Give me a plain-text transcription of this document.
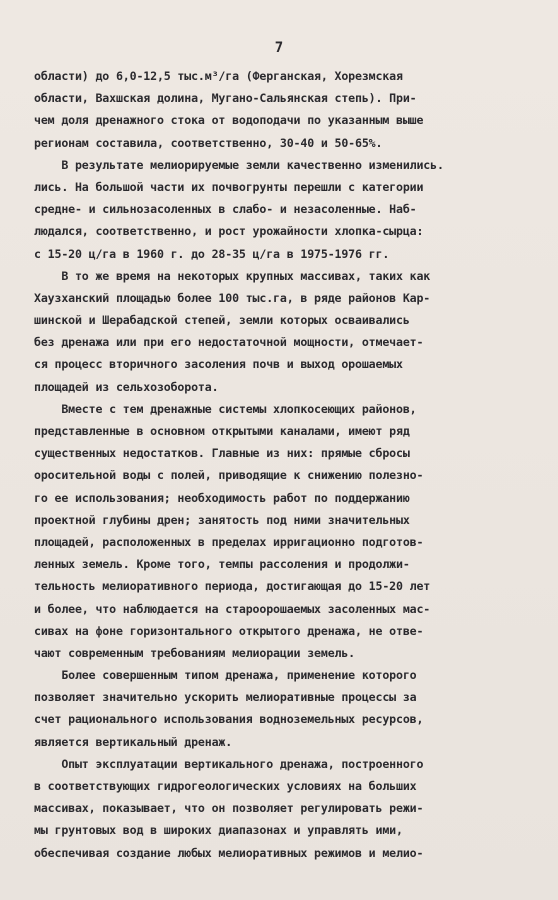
7
области) до 6,0-12,5 тыс.м³/га (Ферганская, Хорезмская
области, Вахшская долина, Мугано-Сальянская степь). При-
чем доля дренажного стока от водоподачи по указанным выше
регионам составила, соответственно, 30-40 и 50-65%.
В результате мелиорируемые земли качественно изменились.
лись. На большой части их почвогрунты перешли с категории
средне- и сильнозасоленных в слабо- и незасоленные. Наб-
людался, соответственно, и рост урожайности хлопка-сырца:
с 15-20 ц/га в 1960 г. до 28-35 ц/га в 1975-1976 гг.
В то же время на некоторых крупных массивах, таких как
Хаузханский площадью более 100 тыс.га, в ряде районов Кар-
шинской и Шерабадской степей, земли которых осваивались
без дренажа или при его недостаточной мощности, отмечает-
ся процесс вторичного засоления почв и выход орошаемых
площадей из сельхозоборота.
Вместе с тем дренажные системы хлопкосеющих районов,
представленные в основном открытыми каналами, имеют ряд
существенных недостатков. Главные из них: прямые сбросы
оросительной воды с полей, приводящие к снижению полезно-
го ее использования; необходимость работ по поддержанию
проектной глубины дрен; занятость под ними значительных
площадей, расположенных в пределах ирригационно подготов-
ленных земель. Кроме того, темпы рассоления и продолжи-
тельность мелиоративного периода, достигающая до 15-20 лет
и более, что наблюдается на староорошаемых засоленных мас-
сивах на фоне горизонтального открытого дренажа, не отве-
чают современным требованиям мелиорации земель.
Более совершенным типом дренажа, применение которого
позволяет значительно ускорить мелиоративные процессы за
счет рационального использования водноземельных ресурсов,
является вертикальный дренаж.
Опыт эксплуатации вертикального дренажа, построенного
в соответствующих гидрогеологических условиях на больших
массивах, показывает, что он позволяет регулировать режи-
мы грунтовых вод в широких диапазонах и управлять ими,
обеспечивая создание любых мелиоративных режимов и мелио-
